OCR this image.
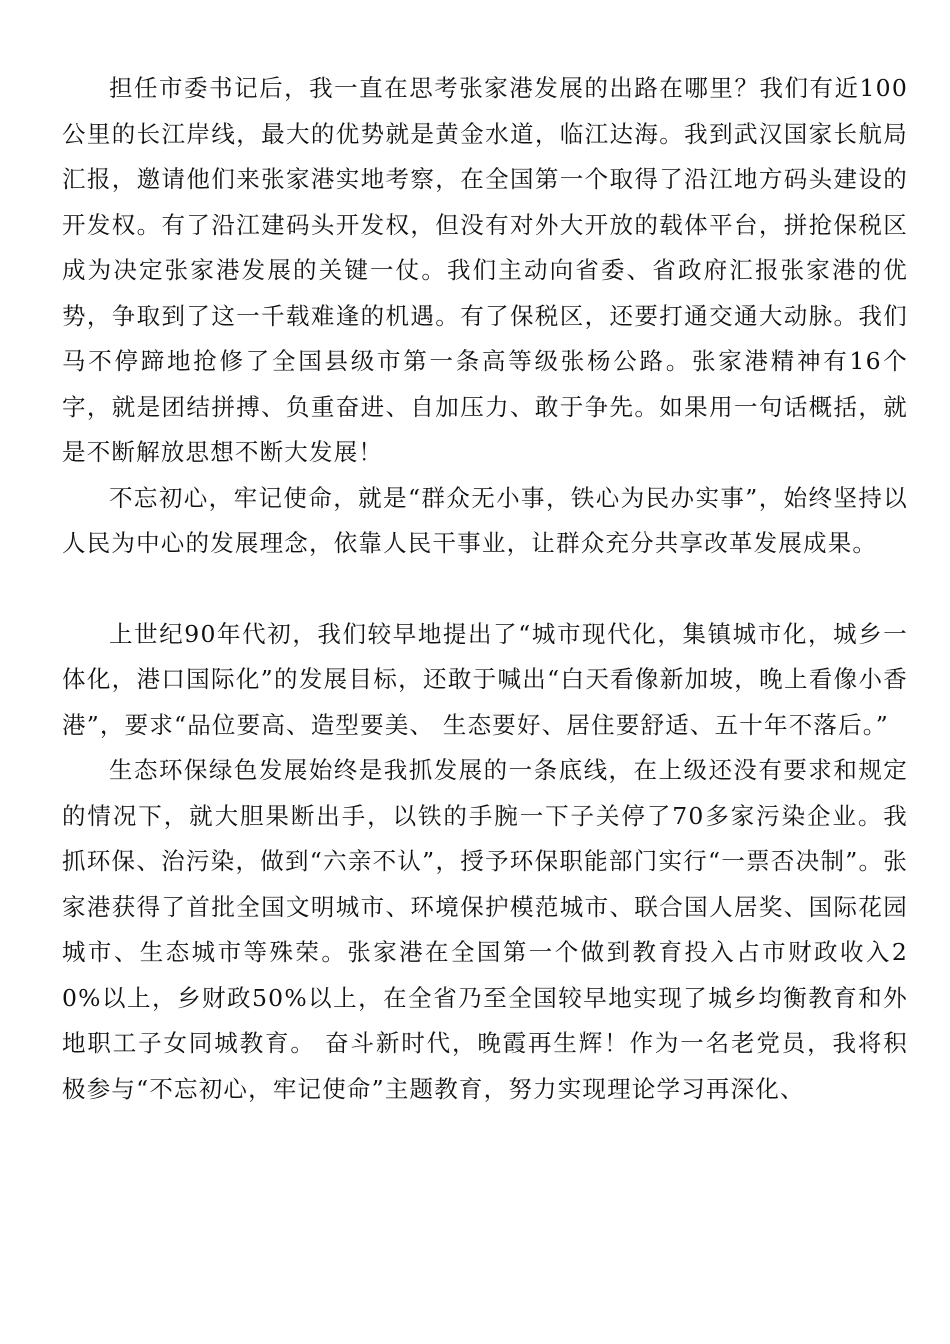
担任市委书记后，我一直在思考张家港发展的出路在哪里？我们有近100公里的长江岸线，最大的优势就是黄金水道，临江达海。我到武汉国家长航局汇报，邀请他们来张家港实地考察，在全国第一个取得了沿江地方码头建设的开发权。有了沿江建码头开发权，但没有对外大开放的载体平台，拼抢保税区成为决定张家港发展的关键一仗。我们主动向省委、省政府汇报张家港的优势，争取到了这一千载难逢的机遇。有了保税区，还要打通交通大动脉。我们马不停蹄地抢修了全国县级市第一条高等级张杨公路。张家港精神有16个字，就是团结拼搏、负重奋进、自加压力、敢于争先。如果用一句话概括，就是不断解放思想不断大发展！

不忘初心，牢记使命，就是“群众无小事，铁心为民办实事”，始终坚持以人民为中心的发展理念，依靠人民干事业，让群众充分共享改革发展成果。

上世纪90年代初，我们较早地提出了“城市现代化，集镇城市化，城乡一体化，港口国际化”的发展目标，还敢于喊出“白天看像新加坡，晚上看像小香港”，要求“品位要高、造型要美、 生态要好、居住要舒适、五十年不落后。”

生态环保绿色发展始终是我抓发展的一条底线，在上级还没有要求和规定的情况下，就大胆果断出手，以铁的手腕一下子关停了70多家污染企业。我抓环保、治污染，做到“六亲不认”，授予环保职能部门实行“一票否决制”。张家港获得了首批全国文明城市、环境保护模范城市、联合国人居奖、国际花园城市、生态城市等殊荣。张家港在全国第一个做到教育投入占市财政收入20%以上，乡财政50%以上，在全省乃至全国较早地实现了城乡均衡教育和外地职工子女同城教育。 奋斗新时代，晚霞再生辉！作为一名老党员，我将积极参与“不忘初心，牢记使命”主题教育，努力实现理论学习再深化、
